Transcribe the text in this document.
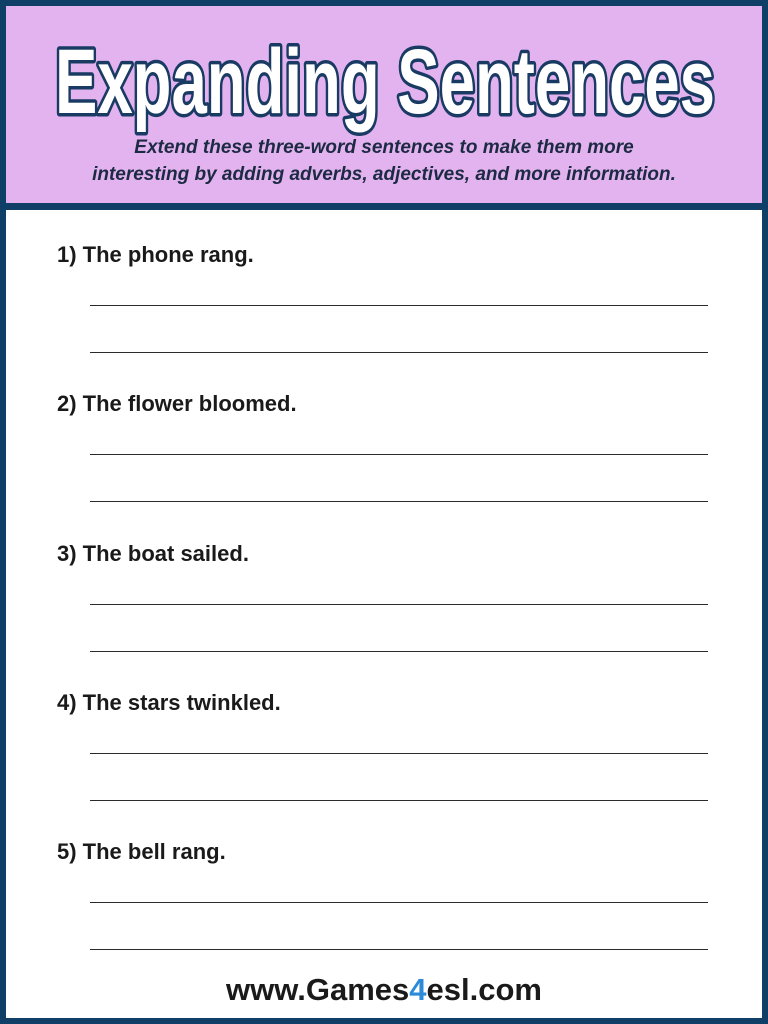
Expanding Sentences
Extend these three-word sentences to make them more
interesting by adding adverbs, adjectives, and more information.
1) The phone rang.
2) The flower bloomed.
3) The boat sailed.
4) The stars twinkled.
5) The bell rang.
www.Games4esl.com
